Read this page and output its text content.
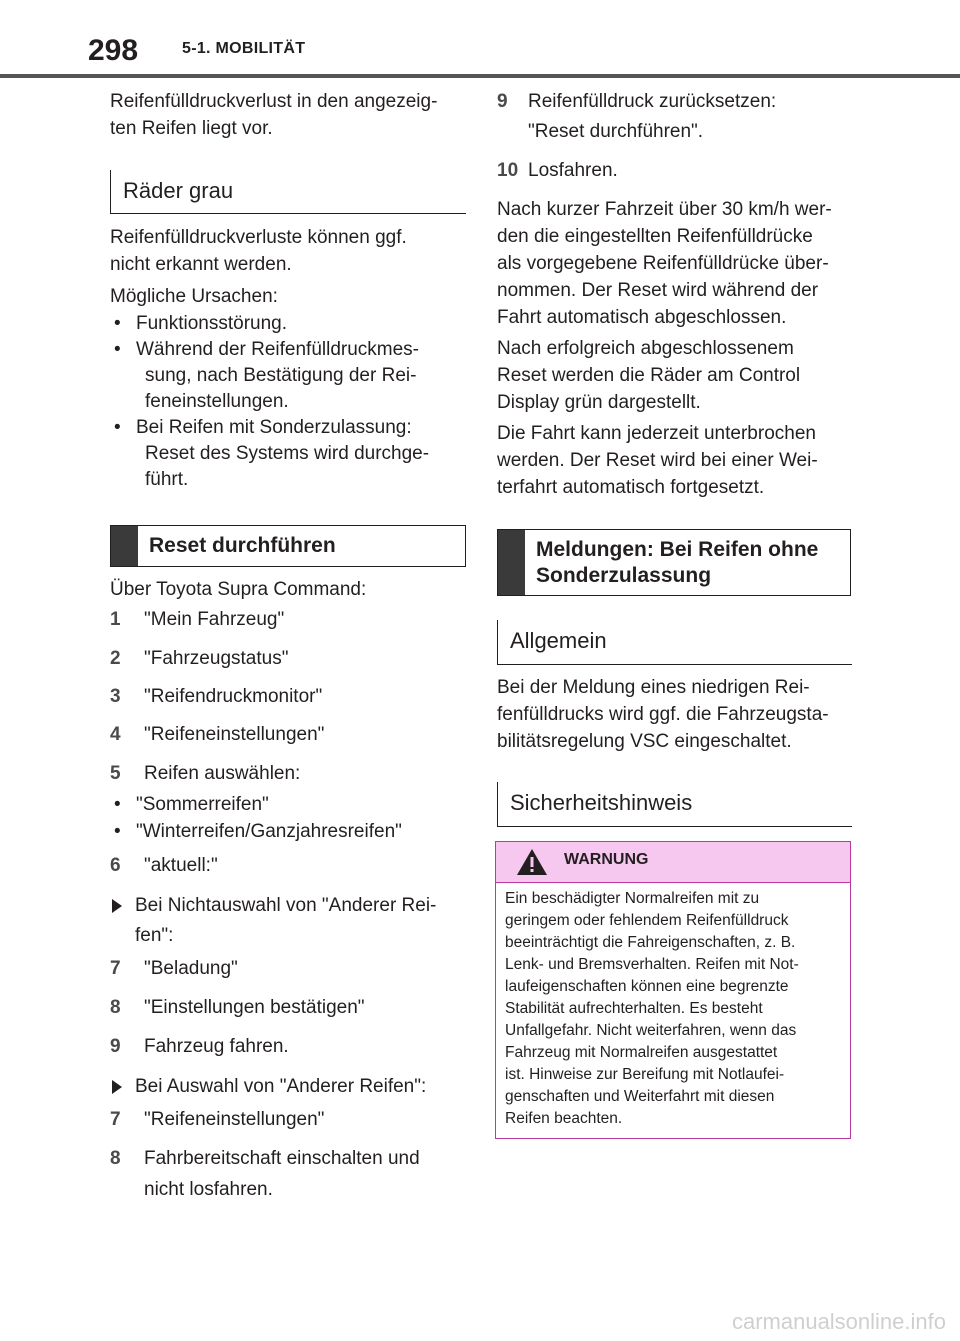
298	5-1. MOBILITÄT

Reifenfülldruckverlust in den angezeig-

ten Reifen liegt vor.

Räder grau

Reifenfülldruckverluste können ggf.

nicht erkannt werden.

Mögliche Ursachen:

• Funktionsstörung.

• Während der Reifenfülldruckmes-

sung, nach Bestätigung der Rei-

feneinstellungen.

• Bei Reifen mit Sonderzulassung:

Reset des Systems wird durchge-

führt.

Reset durchführen

Über Toyota Supra Command:

1 "Mein Fahrzeug"

2 "Fahrzeugstatus"

3 "Reifendruckmonitor"

4 "Reifeneinstellungen"

5 Reifen auswählen:

• "Sommerreifen"

• "Winterreifen/Ganzjahresreifen"

6 "aktuell:"

Bei Nichtauswahl von "Anderer Rei-

fen":

7 "Beladung"

8 "Einstellungen bestätigen"

9 Fahrzeug fahren.

Bei Auswahl von "Anderer Reifen":

7 "Reifeneinstellungen"

8 Fahrbereitschaft einschalten und

nicht losfahren.

9 Reifenfülldruck zurücksetzen:

"Reset durchführen".

10 Losfahren.

Nach kurzer Fahrzeit über 30 km/h wer-

den die eingestellten Reifenfülldrücke

als vorgegebene Reifenfülldrücke über-

nommen. Der Reset wird während der

Fahrt automatisch abgeschlossen.

Nach erfolgreich abgeschlossenem

Reset werden die Räder am Control

Display grün dargestellt.

Die Fahrt kann jederzeit unterbrochen

werden. Der Reset wird bei einer Wei-

terfahrt automatisch fortgesetzt.

Meldungen: Bei Reifen ohne
Sonderzulassung
Allgemein

Bei der Meldung eines niedrigen Rei-

fenfülldrucks wird ggf. die Fahrzeugsta-

bilitätsregelung VSC eingeschaltet.

Sicherheitshinweis
WARNUNG
Ein beschädigter Normalreifen mit zu
geringem oder fehlendem Reifenfülldruck
beeinträchtigt die Fahreigenschaften, z. B.
Lenk- und Bremsverhalten. Reifen mit Not-
laufeigenschaften können eine begrenzte
Stabilität aufrechterhalten. Es besteht
Unfallgefahr. Nicht weiterfahren, wenn das
Fahrzeug mit Normalreifen ausgestattet
ist. Hinweise zur Bereifung mit Notlaufei-
genschaften und Weiterfahrt mit diesen
Reifen beachten.
carmanualsonline.info
